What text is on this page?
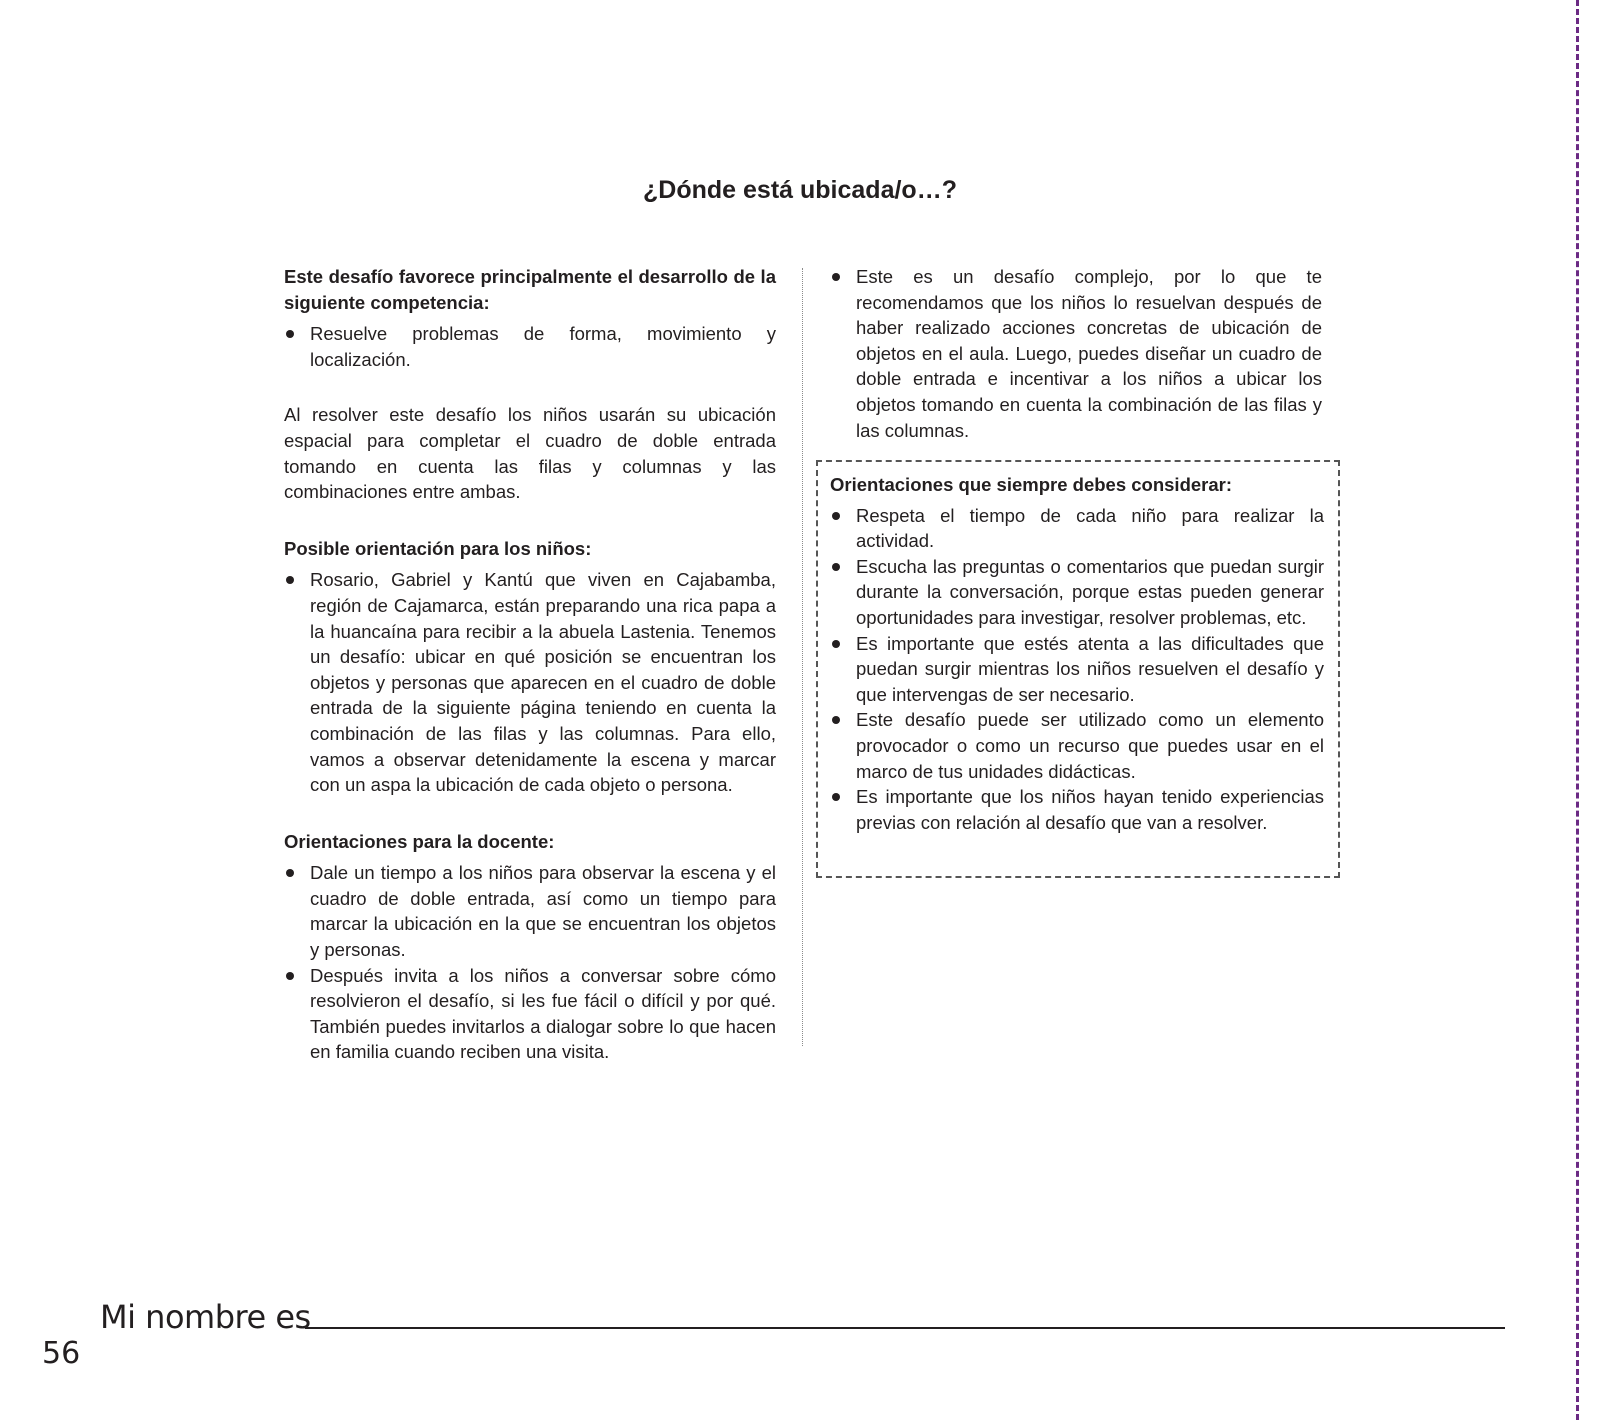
¿Dónde está ubicada/o…?

Este desafío favorece principalmente el desarrollo de la siguiente competencia:

Resuelve problemas de forma, movimiento y localización.

Al resolver este desafío los niños usarán su ubicación espacial para completar el cuadro de doble entrada tomando en cuenta las filas y columnas y las combinaciones entre ambas.

Posible orientación para los niños:

Rosario, Gabriel y Kantú que viven en Cajabamba, región de Cajamarca, están preparando una rica papa a la huancaína para recibir a la abuela Lastenia. Tenemos un desafío: ubicar en qué posición se encuentran los objetos y personas que aparecen en el cuadro de doble entrada de la siguiente página teniendo en cuenta la combinación de las filas y las columnas. Para ello, vamos a observar detenidamente la escena y marcar con un aspa la ubicación de cada objeto o persona.

Orientaciones para la docente:

Dale un tiempo a los niños para observar la escena y el cuadro de doble entrada, así como un tiempo para marcar la ubicación en la que se encuentran los objetos y personas.
Después invita a los niños a conversar sobre cómo resolvieron el desafío, si les fue fácil o difícil y por qué. También puedes invitarlos a dialogar sobre lo que hacen en familia cuando reciben una visita.
Este es un desafío complejo, por lo que te recomendamos que los niños lo resuelvan después de haber realizado acciones concretas de ubicación de objetos en el aula. Luego, puedes diseñar un cuadro de doble entrada e incentivar a los niños a ubicar los objetos tomando en cuenta la combinación de las filas y las columnas.

Orientaciones que siempre debes considerar:

Respeta el tiempo de cada niño para realizar la actividad.
Escucha las preguntas o comentarios que puedan surgir durante la conversación, porque estas pueden generar oportunidades para investigar, resolver problemas, etc.
Es importante que estés atenta a las dificultades que puedan surgir mientras los niños resuelven el desafío y que intervengas de ser necesario.
Este desafío puede ser utilizado como un elemento provocador o como un recurso que puedes usar en el marco de tus unidades didácticas.
Es importante que los niños hayan tenido experiencias previas con relación al desafío que van a resolver.
Mi nombre es
56
